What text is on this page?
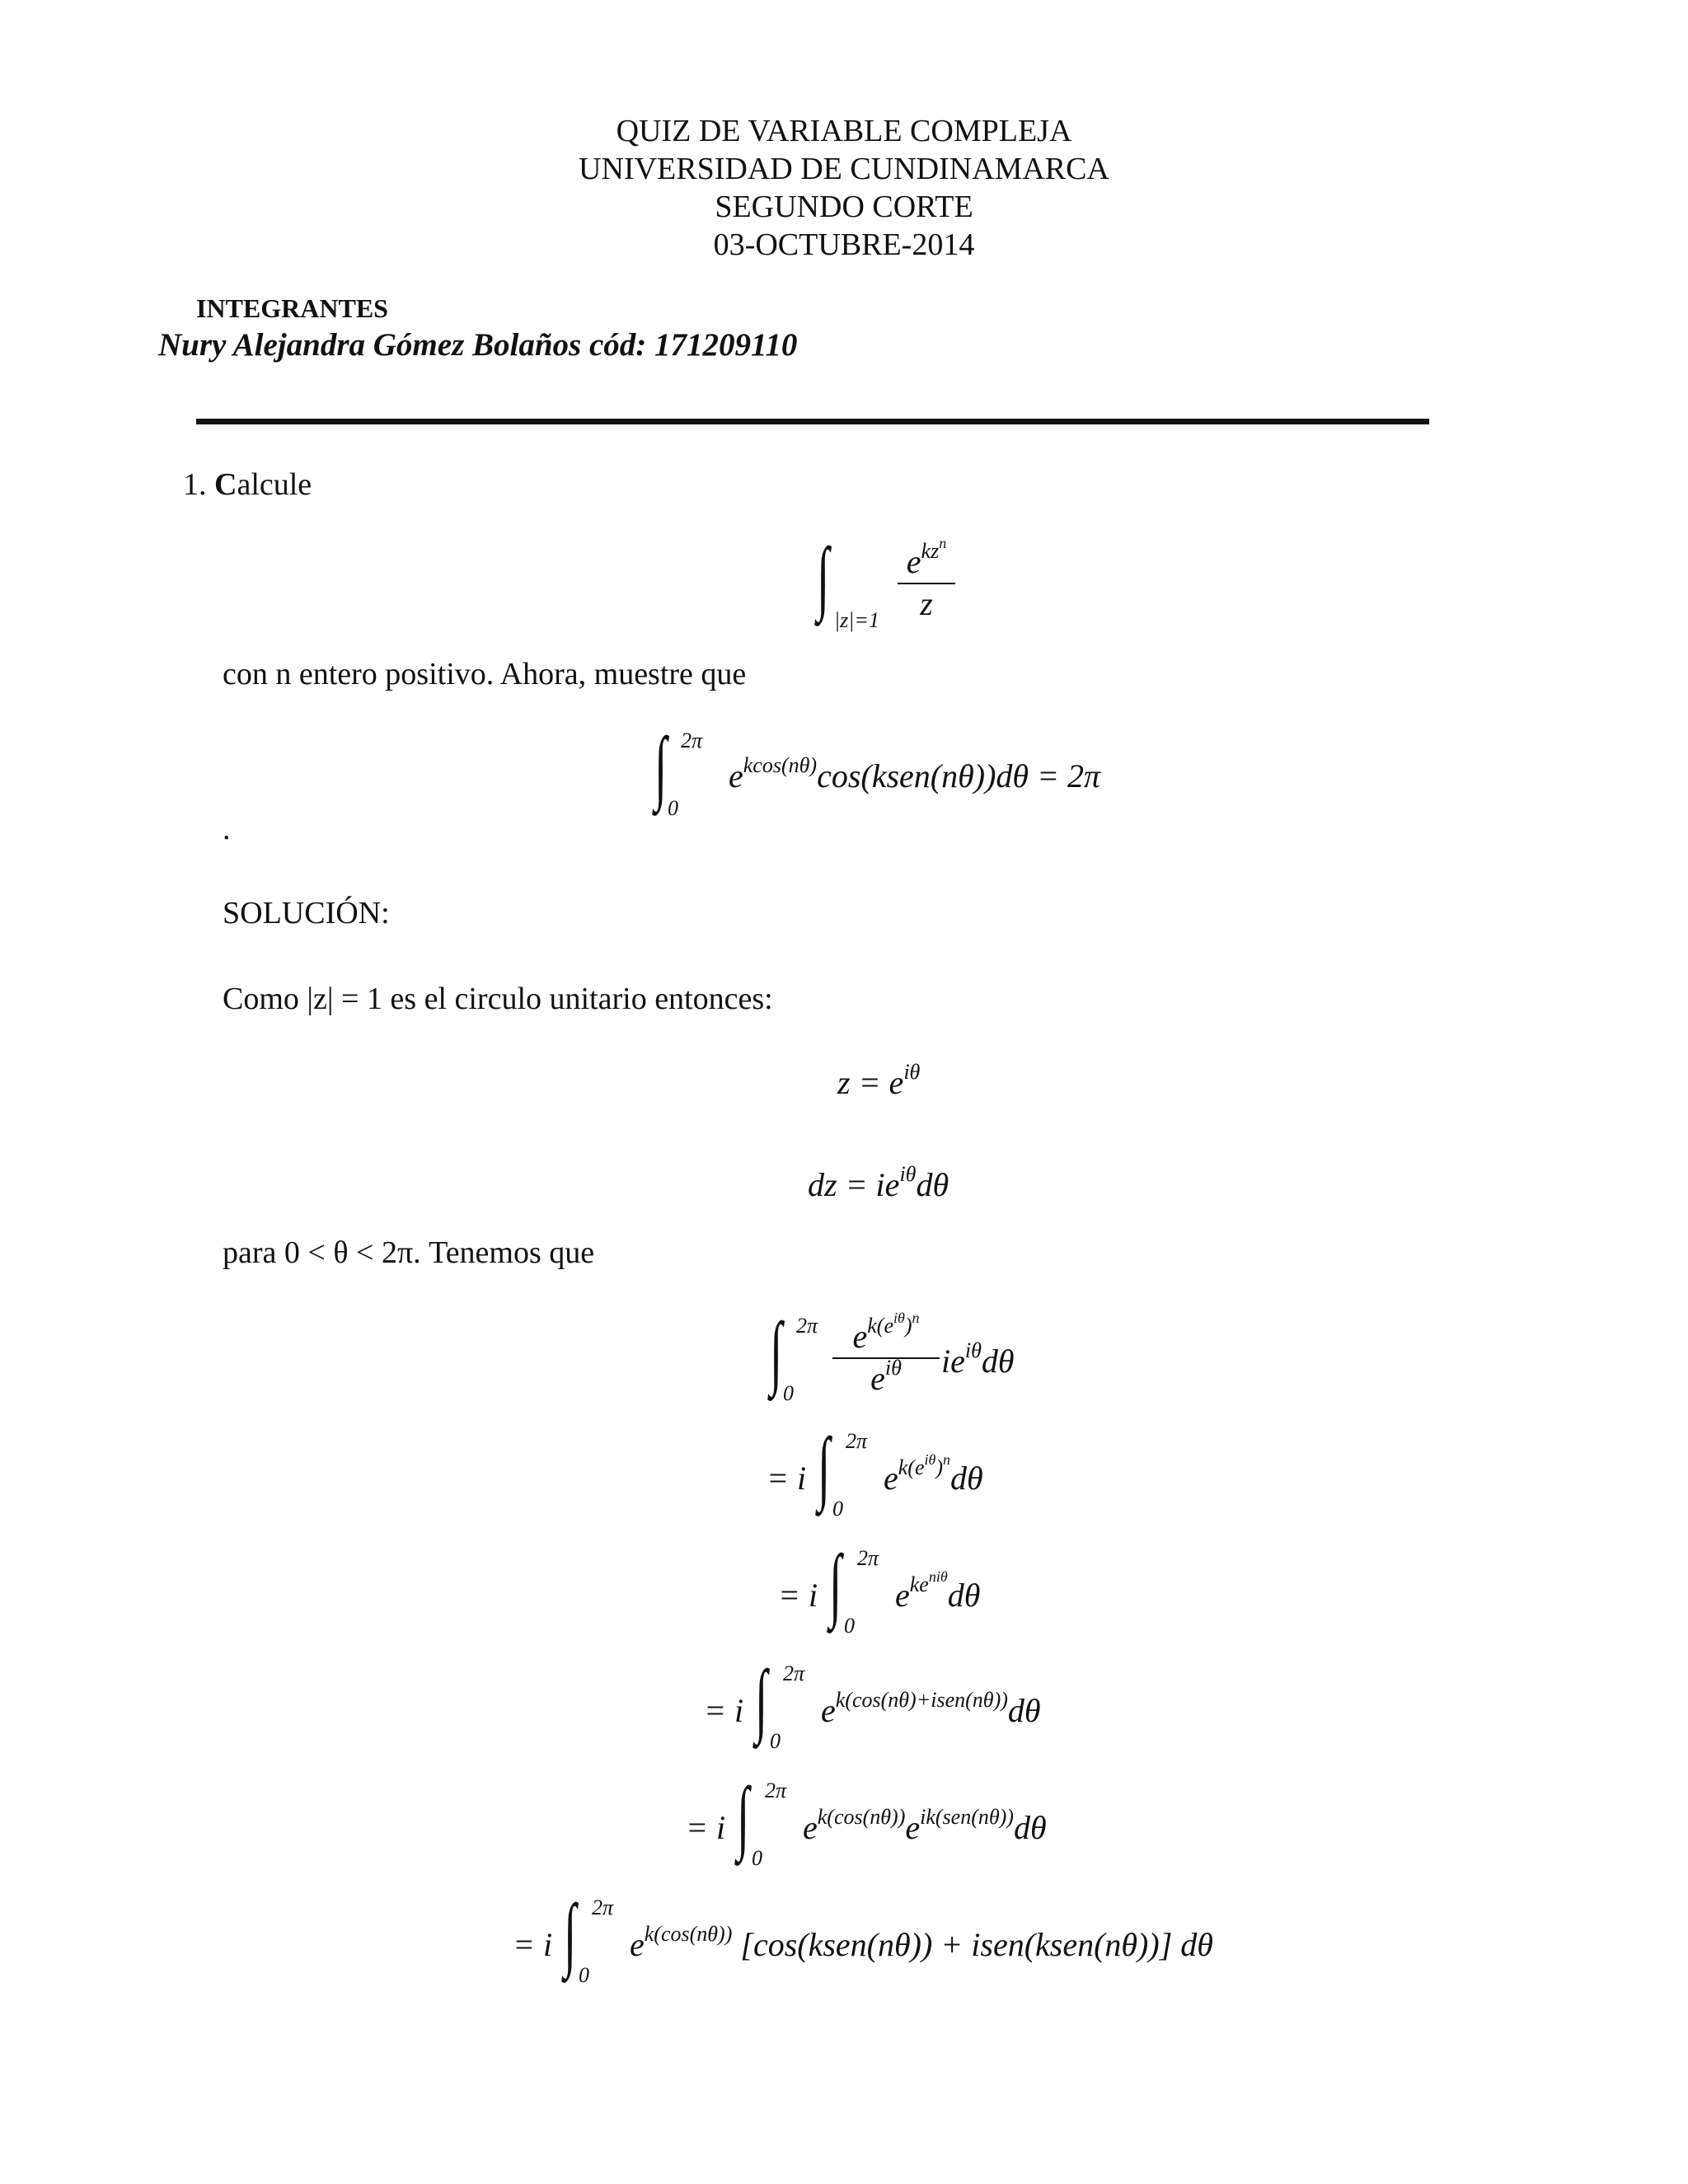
QUIZ DE VARIABLE COMPLEJA
UNIVERSIDAD DE CUNDINAMARCA
SEGUNDO CORTE
03-OCTUBRE-2014
INTEGRANTES
Nury Alejandra Gómez Bolaños cód: 171209110
1. Calcule
∫ |z|=1
$e^{kzn}$
z
con n entero positivo. Ahora, muestre que
∫ 2π
0
$e^{kcos(n\theta)}\cos(ksen(n\theta))d\theta = 2\pi$
.
SOLUCIÓN:
Como |z| = 1 es el circulo unitario entonces:
$z = e^{i\theta}$
dz = $ie^{i\theta}d\theta$
para 0 < θ < 2π. Tenemos que
∫ 2π
0
$e^{k(ei\theta)n}$
$e^{i\theta}$	$ie^{i\theta}d\theta$
= i ∫ 2π
0
$e^{k(ei\theta)n}d\theta$
= i ∫ 2π
0
$e^{keni\theta}d\theta$
= i ∫ 2π
0
$e^{k(cos(n\theta)+isen(n\theta))}d\theta$
= i ∫ 2π
0
$e^{k(cos(n\theta))}e^{ik(sen(n\theta))}d\theta$
= i ∫ 2π
0
$e^{k(cos(n\theta))}$ [cos(ksen(nθ)) + isen(ksen(nθ))] dθ
